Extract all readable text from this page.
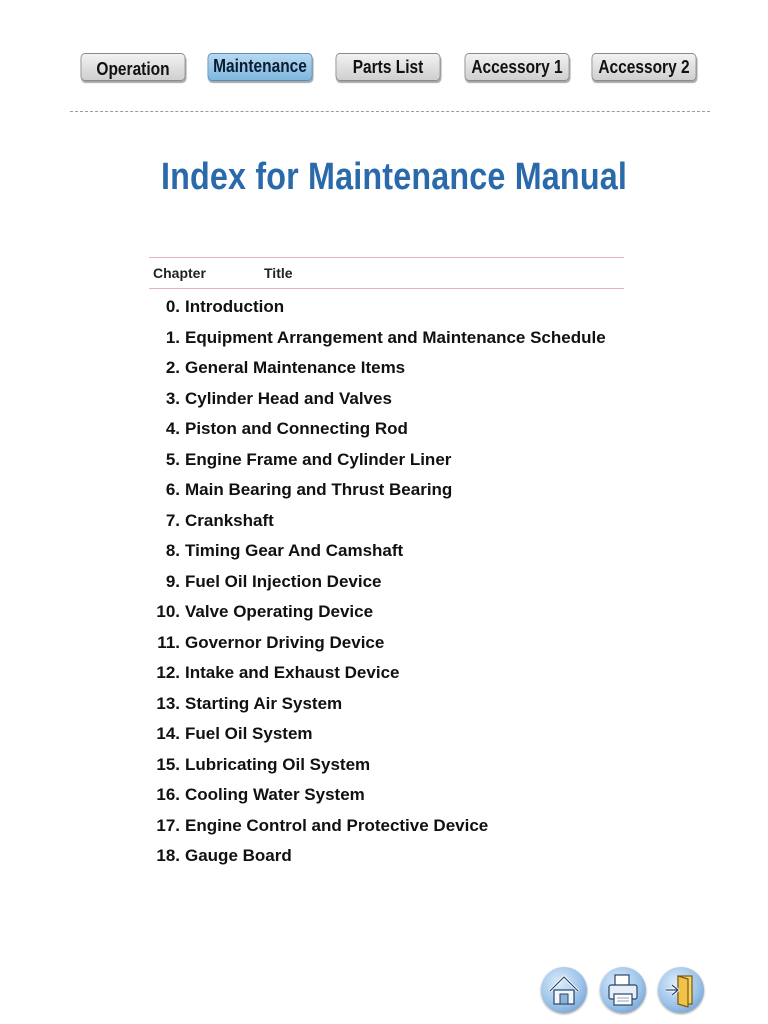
Operation	Maintenance	Parts List	Accessory 1	Accessory 2
Index for Maintenance Manual
Chapter	Title
0. Introduction
1. Equipment Arrangement and Maintenance Schedule
2. General Maintenance Items
3. Cylinder Head and Valves
4. Piston and Connecting Rod
5. Engine Frame and Cylinder Liner
6. Main Bearing and Thrust Bearing
7. Crankshaft
8. Timing Gear And Camshaft
9. Fuel Oil Injection Device
10. Valve Operating Device
11. Governor Driving Device
12. Intake and Exhaust Device
13. Starting Air System
14. Fuel Oil System
15. Lubricating Oil System
16. Cooling Water System
17. Engine Control and Protective Device
18. Gauge Board
